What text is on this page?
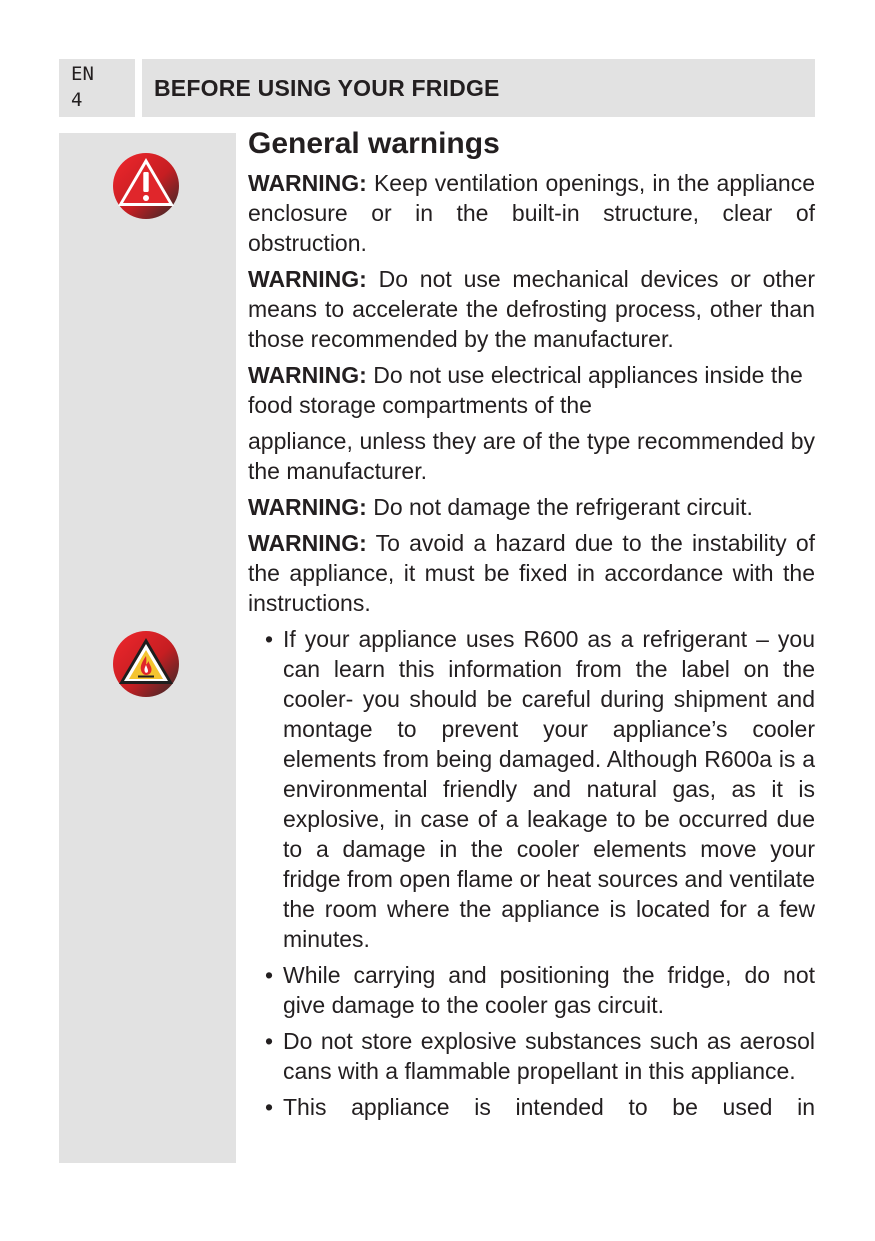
EN
4	BEFORE USING YOUR FRIDGE
General warnings

WARNING: Keep ventilation openings, in the appliance enclosure or in the built-in structure, clear of obstruction.

WARNING: Do not use mechanical devices or other means to accelerate the defrosting process, other than those recommended by the manufacturer.

WARNING: Do not use electrical appliances inside the food storage compartments of the

appliance, unless they are of the type recommended by the manufacturer.

WARNING: Do not damage the refrigerant circuit.

WARNING: To avoid a hazard due to the instability of the appliance, it must be fixed in accordance with the instructions.

• If your appliance uses R600 as a refrigerant – you can learn this information from the label on the cooler- you should be careful during shipment and montage to prevent your appliance’s cooler elements from being damaged. Although R600a is a environmental friendly and natural gas, as it is explosive, in case of a leakage to be occurred due to a damage in the cooler elements move your fridge from open flame or heat sources and ventilate the room where the appliance is located for a few minutes.
• While carrying and positioning the fridge, do not give damage to the cooler gas circuit.
• Do not store explosive substances such as aerosol cans with a flammable propellant in this appliance.
• This appliance is intended to be used in
